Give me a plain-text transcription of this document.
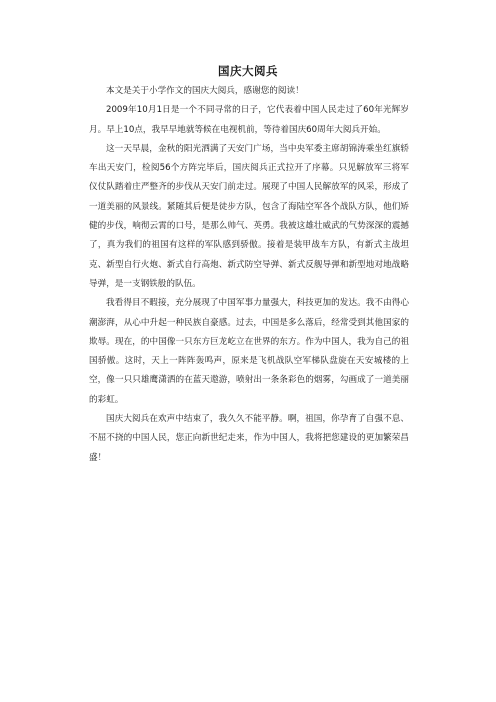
国庆大阅兵

本文是关于小学作文的国庆大阅兵，感谢您的阅读！

2009年10月1日是一个不同寻常的日子，它代表着中国人民走过了60年光辉岁月。早上10点，我早早地就等候在电视机前，等待着国庆60周年大阅兵开始。

这一天早晨，金秋的阳光洒满了天安门广场，当中央军委主席胡锦涛乘坐红旗轿车出天安门，检阅56个方阵完毕后，国庆阅兵正式拉开了序幕。只见解放军三将军仪仗队踏着庄严整齐的步伐从天安门前走过。展现了中国人民解放军的风采，形成了一道美丽的风景线。紧随其后便是徒步方队，包含了海陆空军各个战队方队，他们矫健的步伐，响彻云霄的口号，是那么帅气、英勇。我被这雄壮威武的气势深深的震撼了，真为我们的祖国有这样的军队感到骄傲。接着是装甲战车方队，有新式主战坦克、新型自行火炮、新式自行高炮、新式防空导弹、新式反舰导弹和新型地对地战略导弹，是一支钢铁般的队伍。

我看得目不暇接，充分展现了中国军事力量强大，科技更加的发达。我不由得心潮澎湃，从心中升起一种民族自豪感。过去，中国是多么落后，经常受到其他国家的欺辱。现在，的中国像一只东方巨龙屹立在世界的东方。作为中国人，我为自己的祖国骄傲。这时，天上一阵阵轰鸣声，原来是飞机战队空军梯队盘旋在天安城楼的上空，像一只只雄鹰潇洒的在蓝天遨游，喷射出一条条彩色的烟雾，勾画成了一道美丽的彩虹。

国庆大阅兵在欢声中结束了，我久久不能平静。啊，祖国，你孕育了自强不息、不屈不挠的中国人民，您正向新世纪走来，作为中国人，我将把您建设的更加繁荣昌盛！
